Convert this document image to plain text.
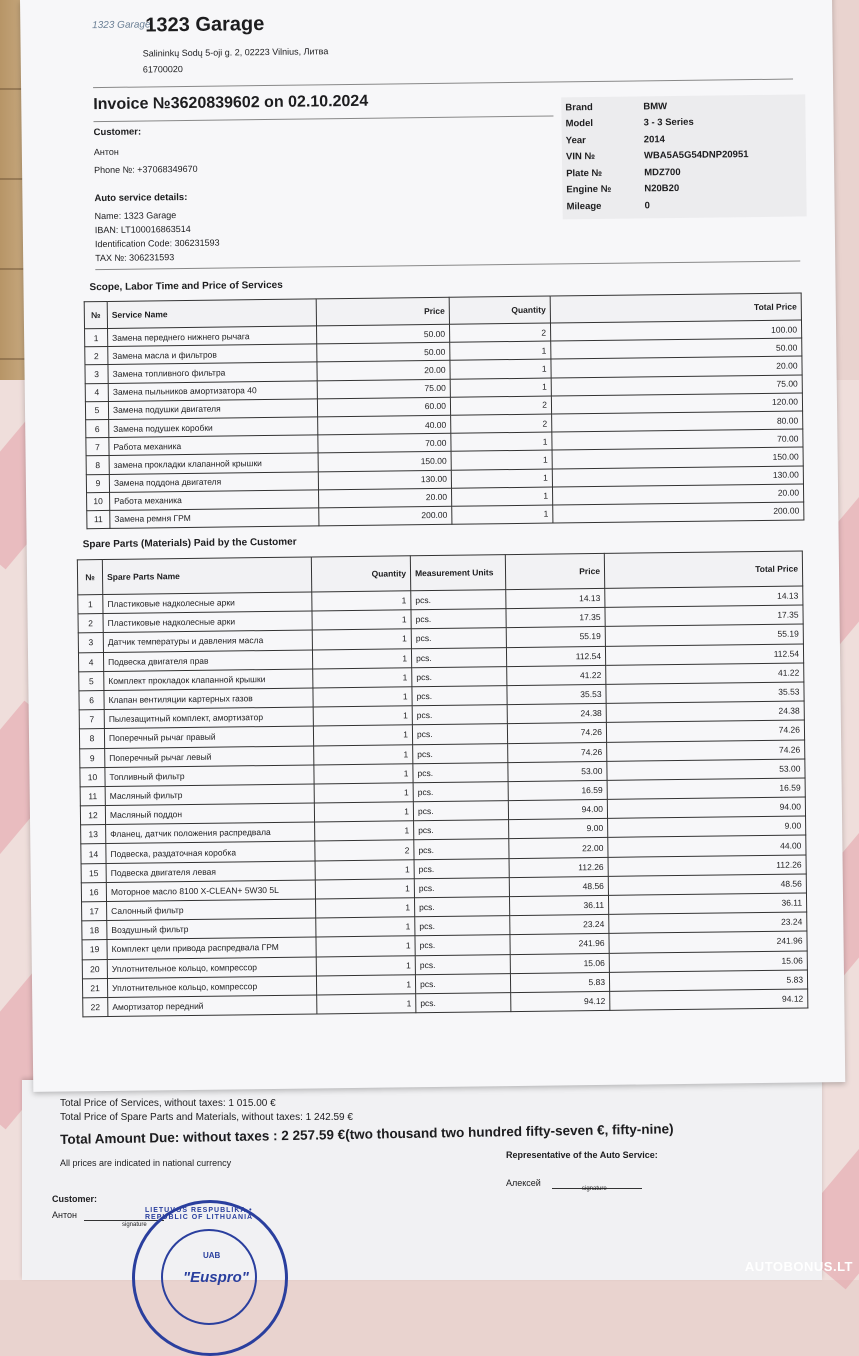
Total Price of Services, without taxes: 1 015.00 €
Total Price of Spare Parts and Materials, without taxes: 1 242.59 €
Total Amount Due: without taxes : 2 257.59 €(two thousand two hundred fifty-seven €, fifty-nine)
All prices are indicated in national currency
Representative of the Auto Service:
Алексей
signature
Customer:
Антон
signature
LIETUVOS RESPUBLIKA • REPUBLIC OF LITHUANIA
UAB
"Euspro"
1323 Garage
1323 Garage
Salininkų Sodų 5-oji g. 2, 02223 Vilnius, Литва
61700020
Invoice №3620839602 on 02.10.2024
Customer:
Антон
Phone №: +37068349670
Auto service details:
Name: 1323 Garage
IBAN: LT100016863514
Identification Code: 306231593
TAX №: 306231593
Brand	BMW
Model	3 - 3 Series
Year	2014
VIN №	WBA5A5G54DNP20951
Plate №	MDZ700
Engine №	N20B20
Mileage	0
Scope, Labor Time and Price of Services
№	Service Name	Price	Quantity	Total Price
1	Замена переднего нижнего рычага	50.00	2	100.00
2	Замена масла и фильтров	50.00	1	50.00
3	Замена топливного фильтра	20.00	1	20.00
4	Замена пыльников амортизатора 40	75.00	1	75.00
5	Замена подушки двигателя	60.00	2	120.00
6	Замена подушек коробки	40.00	2	80.00
7	Работа механика	70.00	1	70.00
8	замена прокладки клапанной крышки	150.00	1	150.00
9	Замена поддона двигателя	130.00	1	130.00
10	Работа механика	20.00	1	20.00
11	Замена ремня ГРМ	200.00	1	200.00
Spare Parts (Materials) Paid by the Customer
№	Spare Parts Name	Quantity	Measurement Units	Price	Total Price
1	Пластиковые надколесные арки	1	pcs.	14.13	14.13
2	Пластиковые надколесные арки	1	pcs.	17.35	17.35
3	Датчик температуры и давления масла	1	pcs.	55.19	55.19
4	Подвеска двигателя прав	1	pcs.	112.54	112.54
5	Комплект прокладок клапанной крышки	1	pcs.	41.22	41.22
6	Клапан вентиляции картерных газов	1	pcs.	35.53	35.53
7	Пылезащитный комплект, амортизатор	1	pcs.	24.38	24.38
8	Поперечный рычаг правый	1	pcs.	74.26	74.26
9	Поперечный рычаг левый	1	pcs.	74.26	74.26
10	Топливный фильтр	1	pcs.	53.00	53.00
11	Масляный фильтр	1	pcs.	16.59	16.59
12	Масляный поддон	1	pcs.	94.00	94.00
13	Фланец, датчик положения распредвала	1	pcs.	9.00	9.00
14	Подвеска, раздаточная коробка	2	pcs.	22.00	44.00
15	Подвеска двигателя левая	1	pcs.	112.26	112.26
16	Моторное масло 8100 X-CLEAN+ 5W30 5L	1	pcs.	48.56	48.56
17	Салонный фильтр	1	pcs.	36.11	36.11
18	Воздушный фильтр	1	pcs.	23.24	23.24
19	Комплект цели привода распредвала ГРМ	1	pcs.	241.96	241.96
20	Уплотнительное кольцо, компрессор	1	pcs.	15.06	15.06
21	Уплотнительное кольцо, компрессор	1	pcs.	5.83	5.83
22	Амортизатор передний	1	pcs.	94.12	94.12
AUTOBONUS.LT
